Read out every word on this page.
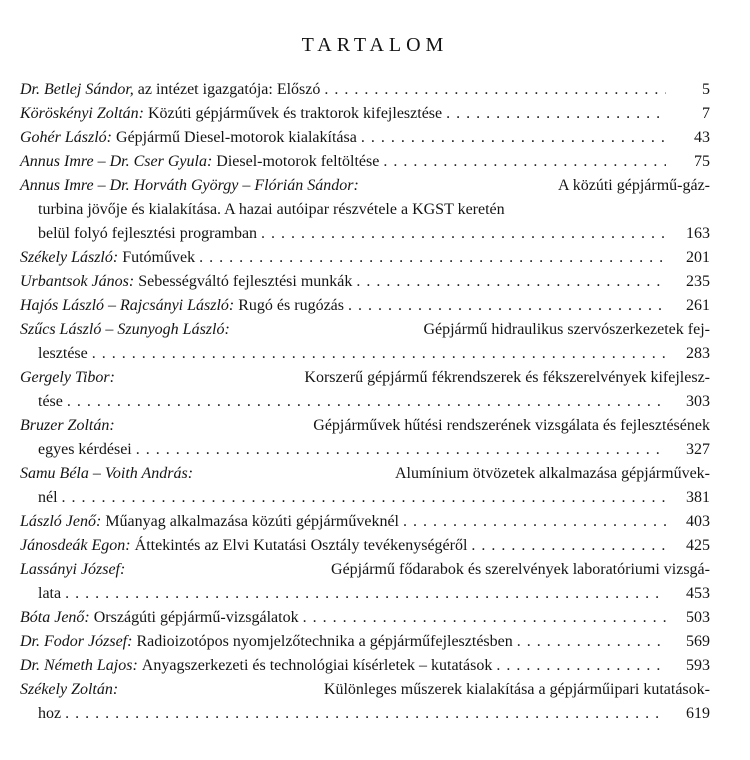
TARTALOM
Dr. Betlej Sándor,
az intézet igazgatója: Előszó . . .	5
Köröskényi Zoltán:
Közúti gépjárművek és traktorok kifejlesztése . . .	7
Gohér László:
Gépjármű Diesel-motorok kialakítása . . .	43
Annus Imre – Dr. Cser Gyula:
Diesel-motorok feltöltése . . .	75
Annus Imre – Dr. Horváth György – Flórián Sándor:
	A közúti gépjármű-gáz-
turbina jövője és kialakítása. A hazai autóipar részvétele a KGST keretén
belül folyó fejlesztési programban . . .	163
Székely László:
Futóművek . . .	201
Urbantsok János:
Sebességváltó fejlesztési munkák . . .	235
Hajós László – Rajcsányi László:
Rugó és rugózás . . .	261
Szűcs László – Szunyogh László:
	Gépjármű hidraulikus szervószerkezetek fej-
lesztése . . .	283
Gergely Tibor:
	Korszerű gépjármű fékrendszerek és fékszerelvények kifejlesz-
tése . . .	303
Bruzer Zoltán:
	Gépjárművek hűtési rendszerének vizsgálata és fejlesztésének
egyes kérdései . . .	327
Samu Béla – Voith András:
	Alumínium ötvözetek alkalmazása gépjárművek-
nél . . .	381
László Jenő:
Műanyag alkalmazása közúti gépjárműveknél . . .	403
Jánosdeák Egon:
Áttekintés az Elvi Kutatási Osztály tevékenységéről . . .	425
Lassányi József:
	Gépjármű fődarabok és szerelvények laboratóriumi vizsgá-
lata . . .	453
Bóta Jenő:
Országúti gépjármű-vizsgálatok . . .	503
Dr. Fodor József:
Radioizotópos nyomjelzőtechnika a gépjárműfejlesztésben . . .	569
Dr. Németh Lajos:
Anyagszerkezeti és technológiai kísérletek – kutatások . . .	593
Székely Zoltán:
	Különleges műszerek kialakítása a gépjárműipari kutatások-
hoz . . .	619
